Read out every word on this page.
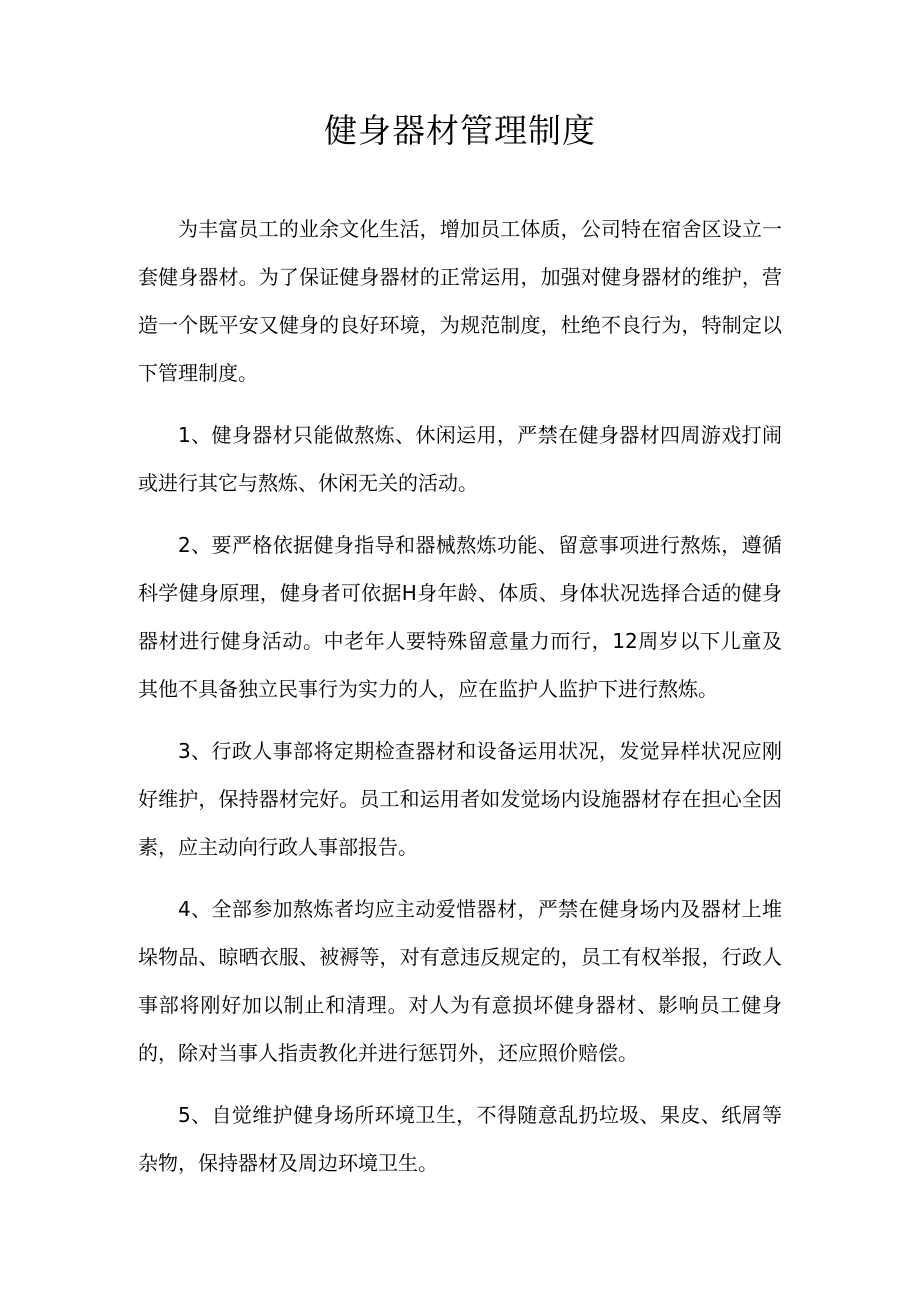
健身器材管理制度

为丰富员工的业余文化生活，增加员工体质，公司特在宿舍区设立一套健身器材。为了保证健身器材的正常运用，加强对健身器材的维护，营造一个既平安又健身的良好环境，为规范制度，杜绝不良行为，特制定以下管理制度。

1、健身器材只能做熬炼、休闲运用，严禁在健身器材四周游戏打闹或进行其它与熬炼、休闲无关的活动。

2、要严格依据健身指导和器械熬炼功能、留意事项进行熬炼，遵循科学健身原理，健身者可依据H身年龄、体质、身体状况选择合适的健身器材进行健身活动。中老年人要特殊留意量力而行，12周岁以下儿童及其他不具备独立民事行为实力的人，应在监护人监护下进行熬炼。

3、行政人事部将定期检查器材和设备运用状况，发觉异样状况应刚好维护，保持器材完好。员工和运用者如发觉场内设施器材存在担心全因素，应主动向行政人事部报告。

4、全部参加熬炼者均应主动爱惜器材，严禁在健身场内及器材上堆垛物品、晾晒衣服、被褥等，对有意违反规定的，员工有权举报，行政人事部将刚好加以制止和清理。对人为有意损坏健身器材、影响员工健身的，除对当事人指责教化并进行惩罚外，还应照价赔偿。

5、自觉维护健身场所环境卫生，不得随意乱扔垃圾、果皮、纸屑等杂物，保持器材及周边环境卫生。
